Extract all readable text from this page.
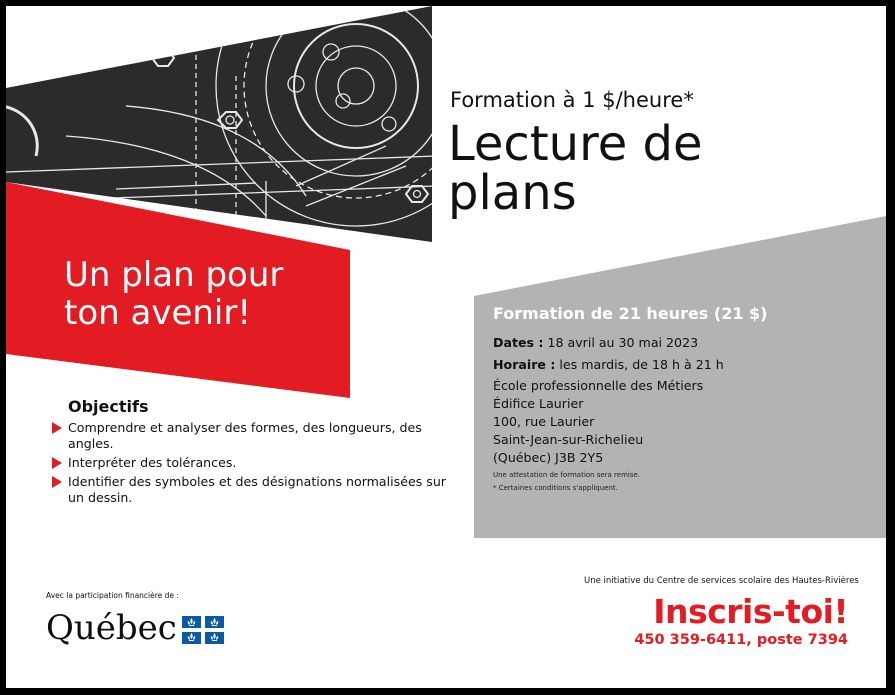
Formation à 1 $/heure*
Lecture de
plans
Un plan pour
ton avenir!	Formation de 21 heures (21 $)
Dates : 18 avril au 30 mai 2023
Horaire : les mardis, de 18 h à 21 h
École professionnelle des Métiers
Édifice Laurier
100, rue Laurier
Saint-Jean-sur-Richelieu
(Québec) J3B 2Y5
Une attestation de formation sera remise.
* Certaines conditions s'appliquent.
Objectifs
Comprendre et analyser des formes, des longueurs, des angles.
Interpréter des tolérances.
Identifier des symboles et des désignations normalisées sur un dessin.
Avec la participation financière de :
Québec
Une initiative du Centre de services scolaire des Hautes-Rivières
Inscris-toi!
450 359-6411, poste 7394
